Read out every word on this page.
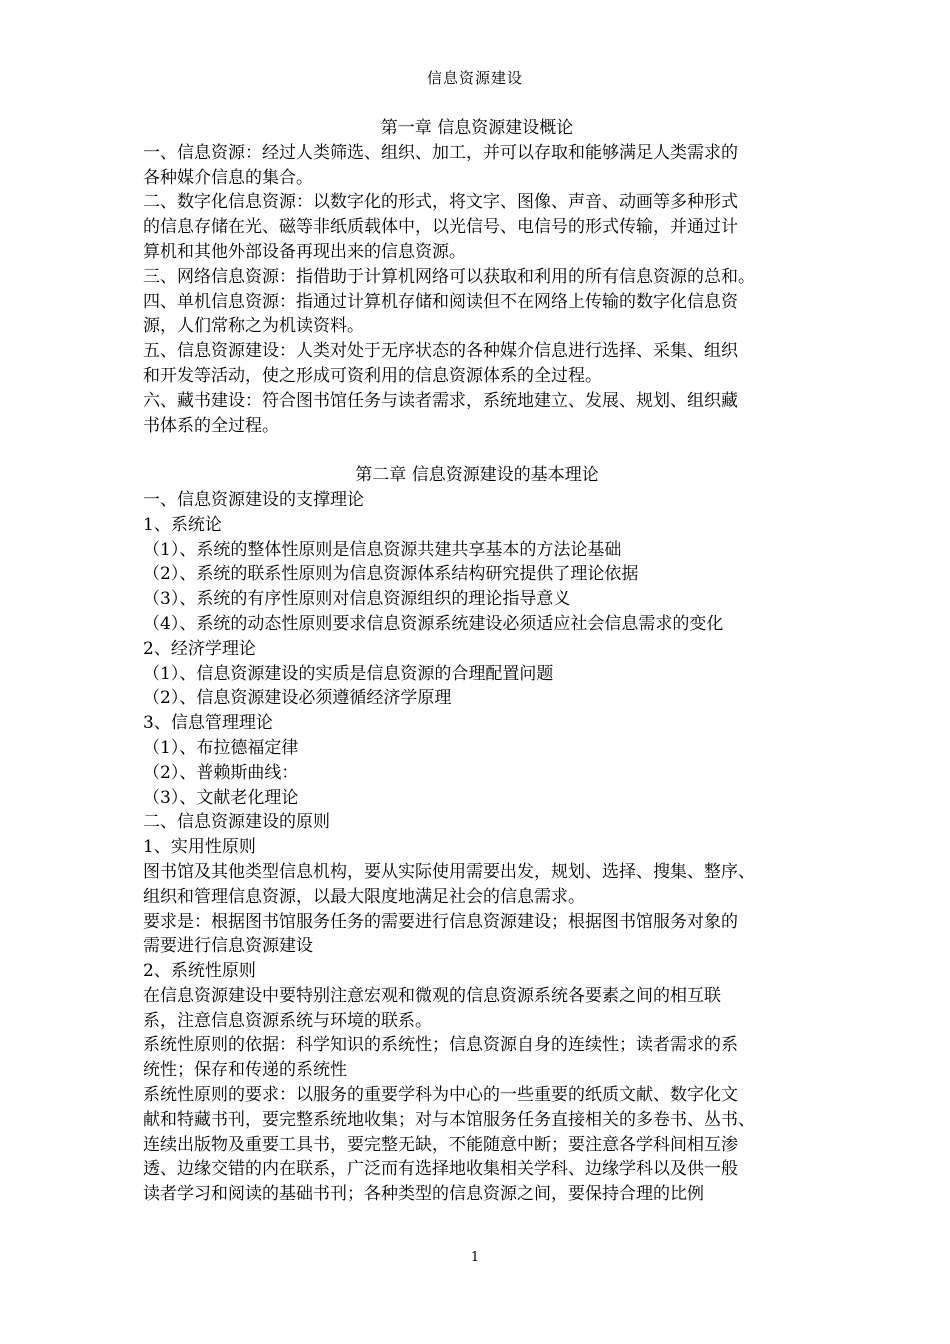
信息资源建设

第一章 信息资源建设概论

一、信息资源：经过人类筛选、组织、加工，并可以存取和能够满足人类需求的

各种媒介信息的集合。

二、数字化信息资源：以数字化的形式，将文字、图像、声音、动画等多种形式

的信息存储在光、磁等非纸质载体中，以光信号、电信号的形式传输，并通过计

算机和其他外部设备再现出来的信息资源。

三、网络信息资源：指借助于计算机网络可以获取和利用的所有信息资源的总和。

四、单机信息资源：指通过计算机存储和阅读但不在网络上传输的数字化信息资

源，人们常称之为机读资料。

五、信息资源建设：人类对处于无序状态的各种媒介信息进行选择、采集、组织

和开发等活动，使之形成可资利用的信息资源体系的全过程。

六、藏书建设：符合图书馆任务与读者需求，系统地建立、发展、规划、组织藏

书体系的全过程。

第二章 信息资源建设的基本理论

一、信息资源建设的支撑理论

1、系统论

（1）、系统的整体性原则是信息资源共建共享基本的方法论基础

（2）、系统的联系性原则为信息资源体系结构研究提供了理论依据

（3）、系统的有序性原则对信息资源组织的理论指导意义

（4）、系统的动态性原则要求信息资源系统建设必须适应社会信息需求的变化

2、经济学理论

（1）、信息资源建设的实质是信息资源的合理配置问题

（2）、信息资源建设必须遵循经济学原理

3、信息管理理论

（1）、布拉德福定律

（2）、普赖斯曲线：

（3）、文献老化理论

二、信息资源建设的原则

1、实用性原则

图书馆及其他类型信息机构，要从实际使用需要出发，规划、选择、搜集、整序、

组织和管理信息资源，以最大限度地满足社会的信息需求。

要求是：根据图书馆服务任务的需要进行信息资源建设；根据图书馆服务对象的

需要进行信息资源建设

2、系统性原则

在信息资源建设中要特别注意宏观和微观的信息资源系统各要素之间的相互联

系，注意信息资源系统与环境的联系。

系统性原则的依据：科学知识的系统性；信息资源自身的连续性；读者需求的系

统性；保存和传递的系统性

系统性原则的要求：以服务的重要学科为中心的一些重要的纸质文献、数字化文

献和特藏书刊，要完整系统地收集；对与本馆服务任务直接相关的多卷书、丛书、

连续出版物及重要工具书，要完整无缺，不能随意中断；要注意各学科间相互渗

透、边缘交错的内在联系，广泛而有选择地收集相关学科、边缘学科以及供一般

读者学习和阅读的基础书刊；各种类型的信息资源之间，要保持合理的比例

1
